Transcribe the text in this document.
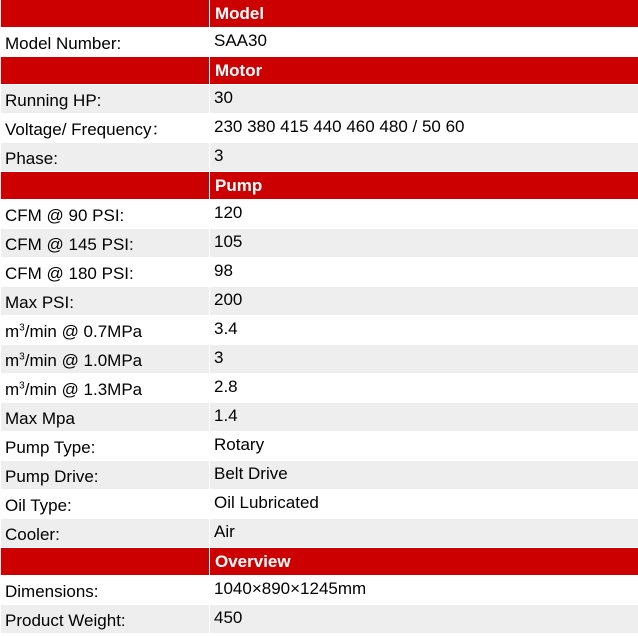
	Model
Model Number:	SAA30
	Motor
Running HP:	30
Voltage/ Frequency：	230 380 415 440 460 480 / 50 60
Phase:	3
	Pump
CFM @ 90 PSI:	120
CFM @ 145 PSI:	105
CFM @ 180 PSI:	98
Max PSI:	200
$m^3/\min$ @ 0.7MPa	3.4
$m^3/\min$ @ 1.0MPa	3
$m^3/\min$ @ 1.3MPa	2.8
Max Mpa	1.4
Pump Type:	Rotary
Pump Drive:	Belt Drive
Oil Type:	Oil Lubricated
Cooler:	Air
	Overview
Dimensions:	1040×890×1245mm
Product Weight:	450
